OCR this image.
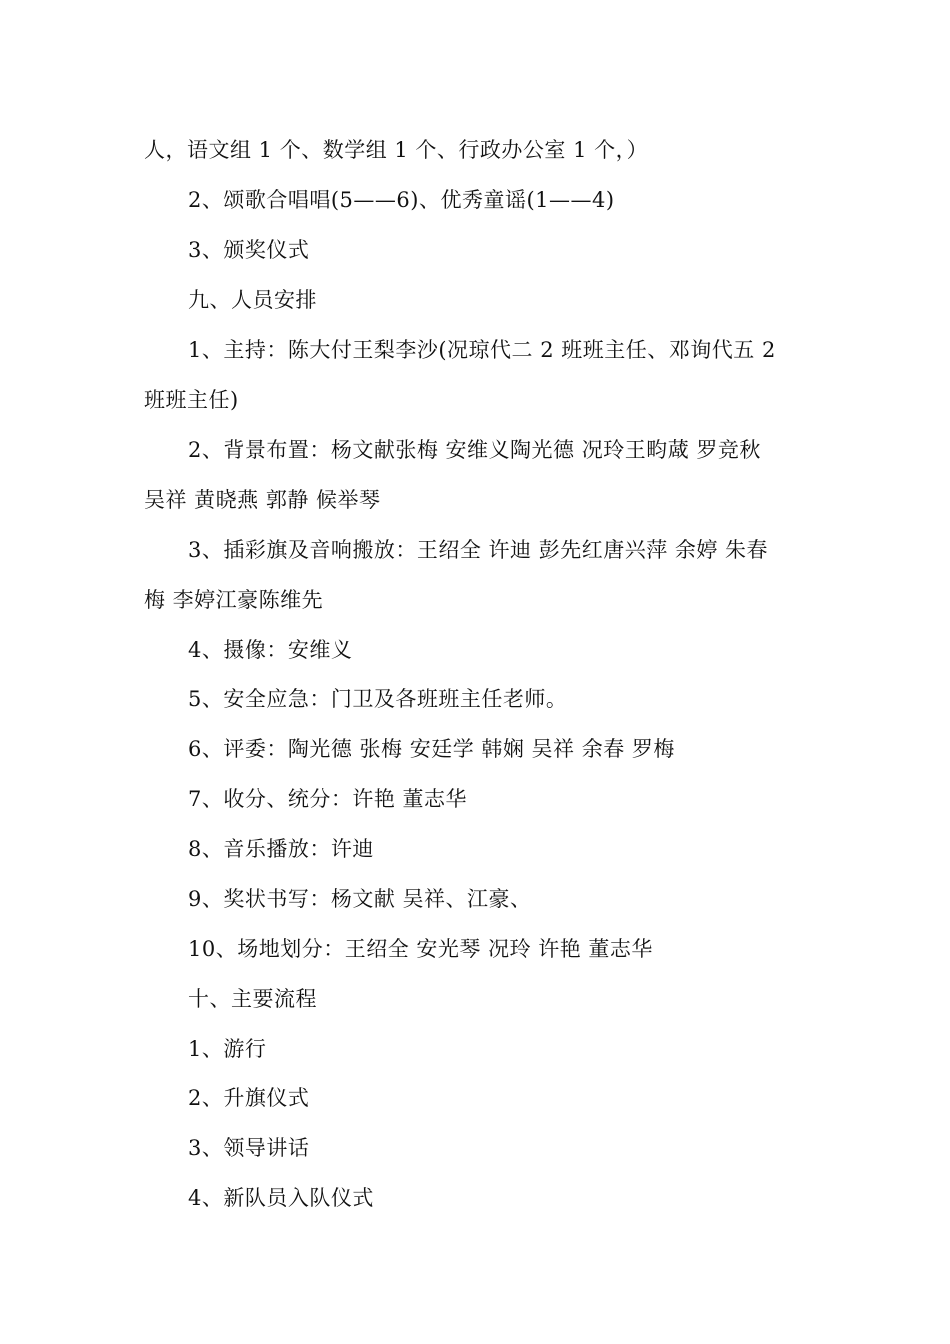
人，语文组 1 个、数学组 1 个、行政办公室 1 个，）
2、颂歌合唱唱(5——6)、优秀童谣(1——4)
3、颁奖仪式
九、人员安排
1、主持：陈大付王梨李沙(况琼代二 2 班班主任、邓询代五 2
班班主任)
2、背景布置：杨文献张梅 安维义陶光德 况玲王畇蒧 罗竞秋
吴祥 黄晓燕 郭静 候举琴
3、插彩旗及音响搬放：王绍全 许迪 彭先红唐兴萍 余婷 朱春
梅 李婷江豪陈维先
4、摄像：安维义
5、安全应急：门卫及各班班主任老师。
6、评委：陶光德 张梅 安廷学 韩娴 吴祥 余春 罗梅
7、收分、统分：许艳 董志华
8、音乐播放：许迪
9、奖状书写：杨文献 吴祥、江豪、
10、场地划分：王绍全 安光琴 况玲 许艳 董志华
十、主要流程
1、游行
2、升旗仪式
3、领导讲话
4、新队员入队仪式
